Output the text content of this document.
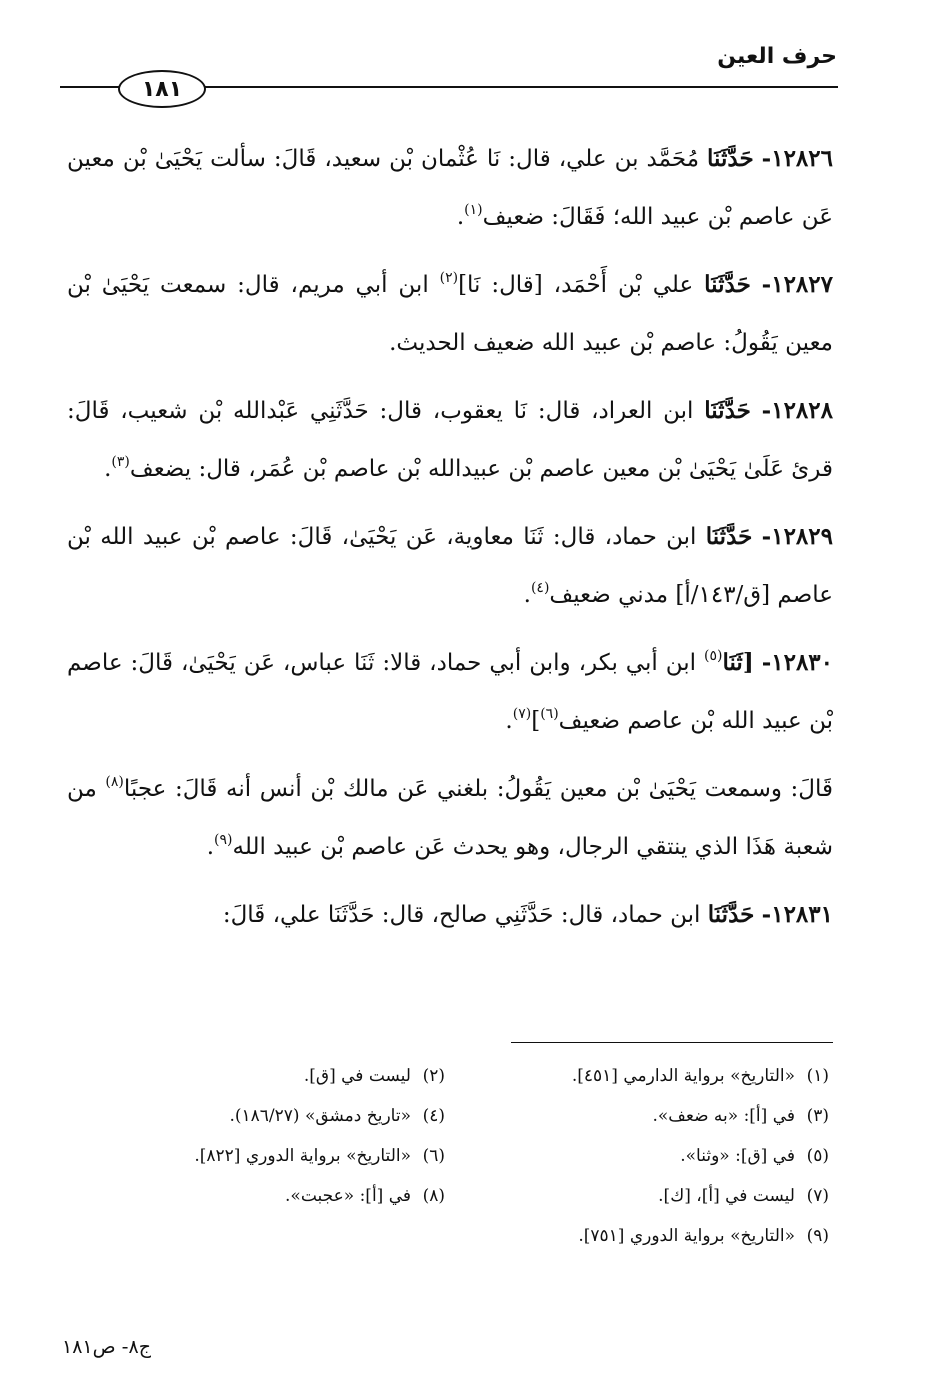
حرف العين
١٨١

١٢٨٢٦- حَدَّثَنَا مُحَمَّد بن علي، قال: نَا عُثْمان بْن سعيد، قَالَ: سألت يَحْيَىٰ بْن معين عَن عاصم بْن عبيد الله؛ فَقَالَ: ضعيف$^{(١)}$.

١٢٨٢٧- حَدَّثَنَا علي بْن أَحْمَد، [قال: نَا]$^{(٢)}$ ابن أبي مريم، قال: سمعت يَحْيَىٰ بْن معين يَقُولُ: عاصم بْن عبيد الله ضعيف الحديث.

١٢٨٢٨- حَدَّثَنَا ابن العراد، قال: نَا يعقوب، قال: حَدَّثَنِي عَبْدالله بْن شعيب، قَالَ: قرئ عَلَىٰ يَحْيَىٰ بْن معين عاصم بْن عبيدالله بْن عاصم بْن عُمَر، قال: يضعف$^{(٣)}$.

١٢٨٢٩- حَدَّثَنَا ابن حماد، قال: ثَنَا معاوية، عَن يَحْيَىٰ، قَالَ: عاصم بْن عبيد الله بْن عاصم [ق/١٤٣/أ] مدني ضعيف$^{(٤)}$.

١٢٨٣٠- [ثَنَا$^{(٥)}$ ابن أبي بكر، وابن أبي حماد، قالا: ثَنَا عباس، عَن يَحْيَىٰ، قَالَ: عاصم بْن عبيد الله بْن عاصم ضعيف$^{(٦)}$]$^{(٧)}$.

قَالَ: وسمعت يَحْيَىٰ بْن معين يَقُولُ: بلغني عَن مالك بْن أنس أنه قَالَ: عجبًا$^{(٨)}$ من شعبة هَذَا الذي ينتقي الرجال، وهو يحدث عَن عاصم بْن عبيد الله$^{(٩)}$.

١٢٨٣١- حَدَّثَنَا ابن حماد، قال: حَدَّثَنِي صالح، قال: حَدَّثَنَا علي، قَالَ:

(١)«التاريخ» برواية الدارمي [٤٥١].
(٢)ليست في [ق].
(٣)في [أ]: «به ضعف».
(٤)«تاريخ دمشق» (١٨٦/٢٧).
(٥)في [ق]: «وثنا».
(٦)«التاريخ» برواية الدوري [٨٢٢].
(٧)ليست في [أ]، [ك].
(٨)في [أ]: «عجبت».
(٩)«التاريخ» برواية الدوري [٧٥١].
ج٨- ص١٨١
